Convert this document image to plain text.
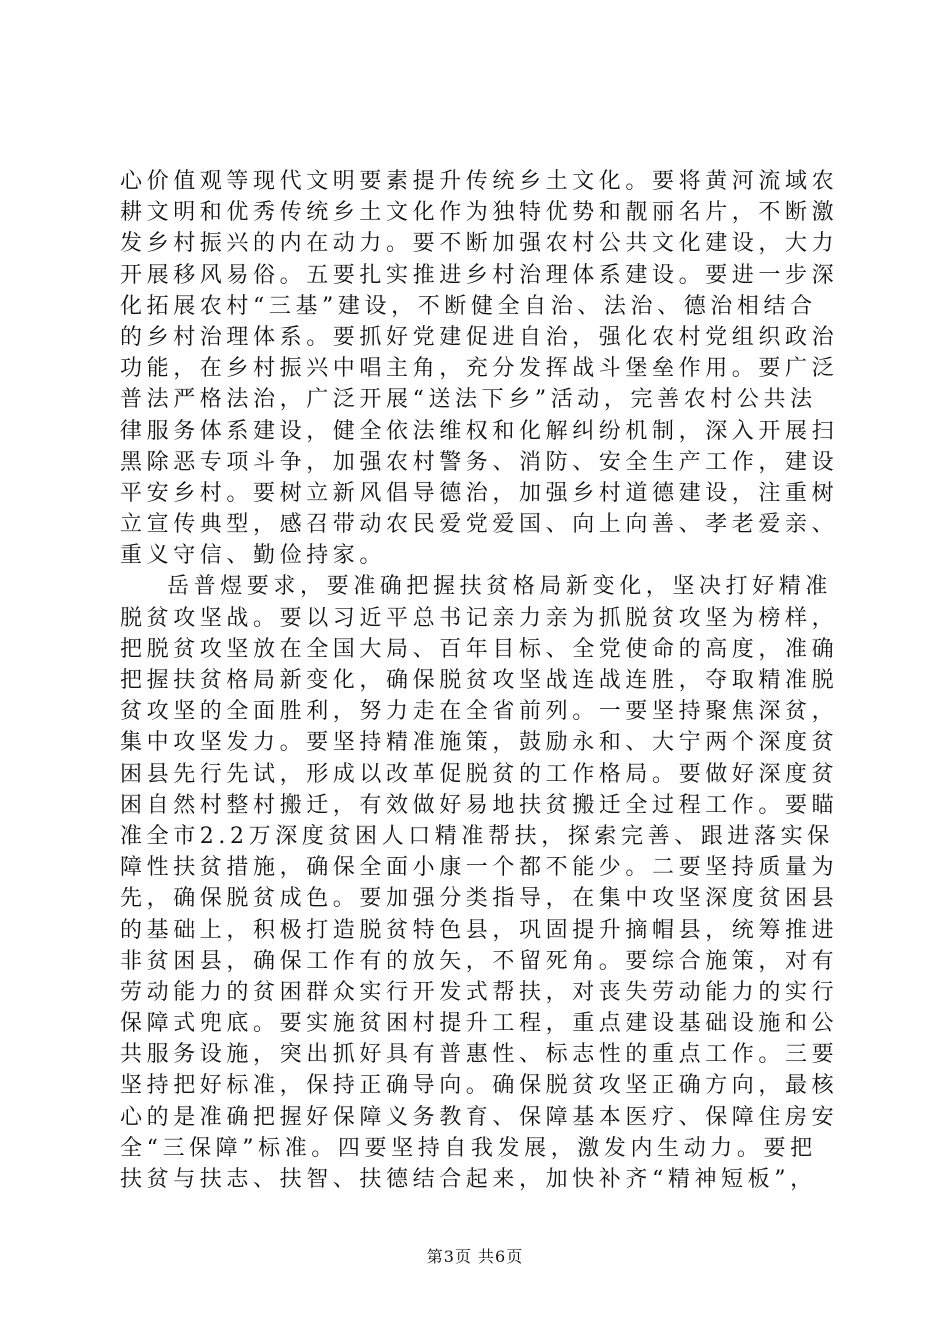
心价值观等现代文明要素提升传统乡土文化。要将黄河流域农
耕文明和优秀传统乡土文化作为独特优势和靓丽名片，不断激
发乡村振兴的内在动力。要不断加强农村公共文化建设，大力
开展移风易俗。五要扎实推进乡村治理体系建设。要进一步深
化拓展农村“三基”建设，不断健全自治、法治、德治相结合
的乡村治理体系。要抓好党建促进自治，强化农村党组织政治
功能，在乡村振兴中唱主角，充分发挥战斗堡垒作用。要广泛
普法严格法治，广泛开展“送法下乡”活动，完善农村公共法
律服务体系建设，健全依法维权和化解纠纷机制，深入开展扫
黑除恶专项斗争，加强农村警务、消防、安全生产工作，建设
平安乡村。要树立新风倡导德治，加强乡村道德建设，注重树
立宣传典型，感召带动农民爱党爱国、向上向善、孝老爱亲、
重义守信、勤俭持家。
岳普煜要求，要准确把握扶贫格局新变化，坚决打好精准
脱贫攻坚战。要以习近平总书记亲力亲为抓脱贫攻坚为榜样，
把脱贫攻坚放在全国大局、百年目标、全党使命的高度，准确
把握扶贫格局新变化，确保脱贫攻坚战连战连胜，夺取精准脱
贫攻坚的全面胜利，努力走在全省前列。一要坚持聚焦深贫，
集中攻坚发力。要坚持精准施策，鼓励永和、大宁两个深度贫
困县先行先试，形成以改革促脱贫的工作格局。要做好深度贫
困自然村整村搬迁，有效做好易地扶贫搬迁全过程工作。要瞄
准全市2.2万深度贫困人口精准帮扶，探索完善、跟进落实保
障性扶贫措施，确保全面小康一个都不能少。二要坚持质量为
先，确保脱贫成色。要加强分类指导，在集中攻坚深度贫困县
的基础上，积极打造脱贫特色县，巩固提升摘帽县，统筹推进
非贫困县，确保工作有的放矢，不留死角。要综合施策，对有
劳动能力的贫困群众实行开发式帮扶，对丧失劳动能力的实行
保障式兜底。要实施贫困村提升工程，重点建设基础设施和公
共服务设施，突出抓好具有普惠性、标志性的重点工作。三要
坚持把好标准，保持正确导向。确保脱贫攻坚正确方向，最核
心的是准确把握好保障义务教育、保障基本医疗、保障住房安
全“三保障”标准。四要坚持自我发展，激发内生动力。要把
扶贫与扶志、扶智、扶德结合起来，加快补齐“精神短板”，
第3页 共6页
